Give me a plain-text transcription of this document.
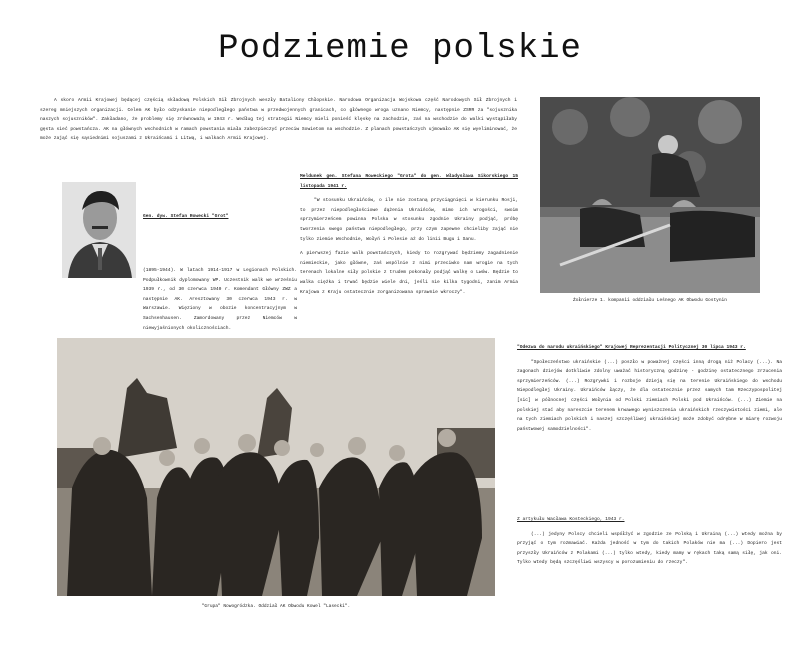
Podziemie polskie

A skoro Armii Krajowej będącej częścią składową Polskich Sił Zbrojnych weszły Bataliony Chłopskie. Narodowa Organizacja Wojskowa część Narodowych Sił Zbrojnych i szereg mniejszych organizacji. Celem AK było odzyskanie niepodległego państwa w przedwojennych granicach, co głównego wroga uznano Niemcy, następnie ZSRR za "sojusznika naszych sojuszników". Zakładano, że problemy się zrównoważą w 1943 r. Według tej strategii Niemcy mieli ponieść klęskę na zachodzie, zaś na wschodzie do walki wystąpiłaby gęsta sieć powstańcza. AK na głównych wschodnich w ramach powstania miała zabezpieczyć przeciw Sowietom na wschodzie. Z planach powstańczych ujmowało AK się wyeliminować, że może zająć się sąsiednimi sojuszami z Ukraińcami i Litwą, i walkach Armii Krajowej.

Gen. dyw. Stefan Rowecki "Grot"

(1895-1944). W latach 1914-1917 w Legionach Polskich. Podpułkownik dyplomowany WP. Uczestnik walk we wrześniu 1939 r., od 30 czerwca 1940 r. Komendant Główny ZWZ a następnie AK. Aresztowany 30 czerwca 1943 r. w Warszawie. Więziony w obozie koncentracyjnym w Sachsenhausen. Zamordowany przez Niemców w niewyjaśnionych okolicznościach.

Meldunek gen. Stefana Roweckiego "Grota" do gen. Władysława Sikorskiego 15 listopada 1941 r.

"W stosunku Ukraińców, o ile nie zostaną przyciągnięci w kierunku Rosji, to przez niepodległościowe dążenia Ukraińców, mimo ich wrogości, swoim sprzymierzeńcem powinna Polska w stosunku zgodnie Ukrainy podjąć, próbę tworzenia swego państwa niepodległego, przy czym zapewne chcieliby zająć nie tylko ziemie Wschodnie, Wołyń i Polesie aż do linii Bugu i Sanu.

A pierwszej fazie walk powstańczych, kiedy to rozgrywać będziemy zagadnienie niemieckie, jako główne, zaś wspólnie z nimi przeciwko nam wrogie na tych terenach lokalne siły polskie z trudem pokonały podjąć walkę o Lwów. Będzie to walka ciężka i trwać będzie wiele dni, jeśli nie kilka tygodni, zanim Armia Krajowa z Kraju ostatecznie zorganizowana sprawnie wkroczy".

Żołnierze 1. kompanii oddziału Leśnego AK Obwodu Gostynin
"Grupa" Nowogródzka. Oddział AK Obwodu Kowel "Lasecki".

"Odezwa do narodu ukraińskiego" Krajowej Reprezentacji Politycznej 30 lipca 1943 r.

"Społeczeństwo ukraińskie (...) poszło w poważnej części inną drogą niż Polacy (...). Na zagonach dziejów dotkliwie zdolny uważać historyczną godzinę - godzinę ostatecznego zrzucenia sprzymierzeńców. (...) Rozgrywki i rozboje dzieją się na terenie Ukraińskiego do wschodu Niepodległej Ukrainy. Ukraińców łączy, że dla ostatecznie przez samych tam Rzeczypospolitej [sic] w północnej części Wołynia od Polski ziemiach Polski pod Ukraińców. (...) Ziemie na polskiej stać aby nareszcie terenem krwawego wyniszczenia ukraińskich rzeczywistości ziemi, ale na tych ziemiach polskich i naszej szczęśliwej ukraińskiej może zdobyć odrębne w miarę rozwoju państwowej samodzielności".

Z artykułu Wacława Kosteckiego, 1943 r.

(...) jedyny Polscy chcieli współżyć w zgodzie ze Polską i Ukrainą (...) wtedy można by przyjąć o tym rozmawiać. Każda jedność w tym do takich Polaków nie ma (...) Dopiero jest przyszły Ukraińców z Polakami (...) tylko wtedy, kiedy mamy w rękach taką samą siłę, jak oni. Tylko wtedy będą szczęśliwi wszyscy w porozumieniu do rzeczy".
